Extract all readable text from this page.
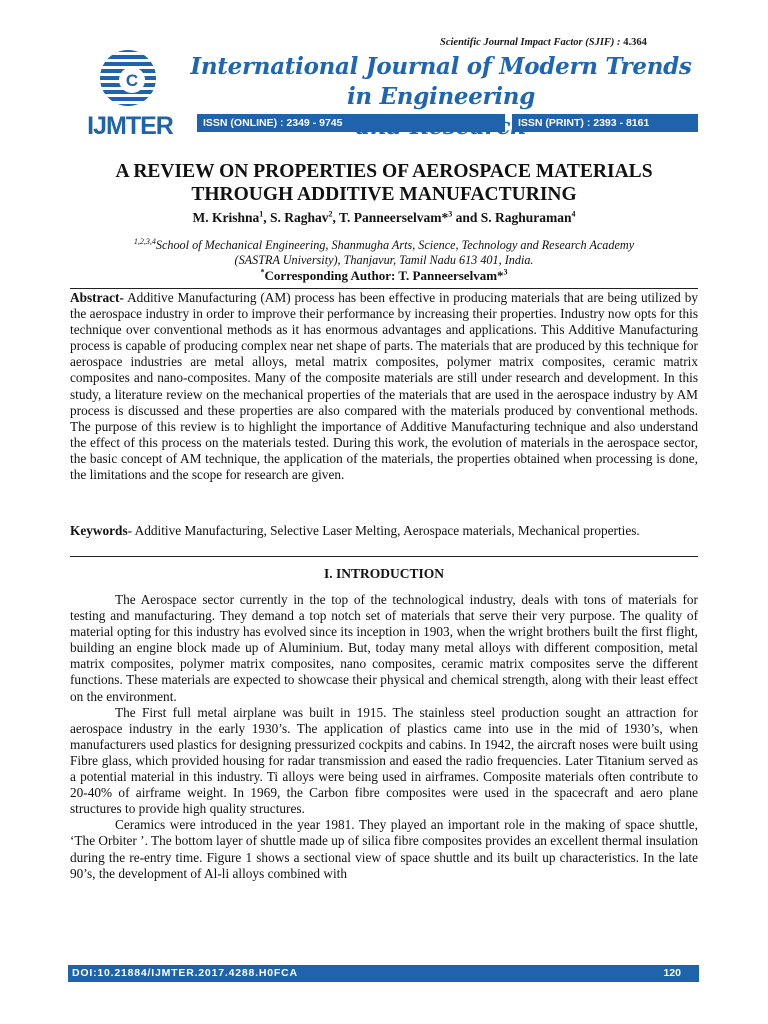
Scientific Journal Impact Factor (SJIF) : 4.364
C
IJMTER
International Journal of Modern Trends in Engineering
ISSN (ONLINE) : 2349 - 9745	ISSN (PRINT) : 2393 - 8161
A REVIEW ON PROPERTIES OF AEROSPACE MATERIALS
THROUGH ADDITIVE MANUFACTURING
M. Krishna$^1$, S. Raghav$^2$, T. Panneerselvam*$^3$ and S. Raghuraman$^4$
$^{1,2,3,4}$School of Mechanical Engineering, Shanmugha Arts, Science, Technology and Research Academy
(SASTRA University), Thanjavur, Tamil Nadu 613 401, India.
*Corresponding Author: T. Panneerselvam*$^3$
Abstract- Additive Manufacturing (AM) process has been effective in producing materials that are being utilized by the aerospace industry in order to improve their performance by increasing their properties. Industry now opts for this technique over conventional methods as it has enormous advantages and applications. This Additive Manufacturing process is capable of producing complex near net shape of parts. The materials that are produced by this technique for aerospace industries are metal alloys, metal matrix composites, polymer matrix composites, ceramic matrix composites and nano-composites. Many of the composite materials are still under research and development. In this study, a literature review on the mechanical properties of the materials that are used in the aerospace industry by AM process is discussed and these properties are also compared with the materials produced by conventional methods. The purpose of this review is to highlight the importance of Additive Manufacturing technique and also understand the effect of this process on the materials tested. During this work, the evolution of materials in the aerospace sector, the basic concept of AM technique, the application of the materials, the properties obtained when processing is done, the limitations and the scope for research are given.
Keywords- Additive Manufacturing, Selective Laser Melting, Aerospace materials, Mechanical properties.
I. INTRODUCTION

The Aerospace sector currently in the top of the technological industry, deals with tons of materials for testing and manufacturing. They demand a top notch set of materials that serve their very purpose. The quality of material opting for this industry has evolved since its inception in 1903, when the wright brothers built the first flight, building an engine block made up of Aluminium. But, today many metal alloys with different composition, metal matrix composites, polymer matrix composites, nano composites, ceramic matrix composites serve the different functions. These materials are expected to showcase their physical and chemical strength, along with their least effect on the environment.

The First full metal airplane was built in 1915. The stainless steel production sought an attraction for aerospace industry in the early 1930’s. The application of plastics came into use in the mid of 1930’s, when manufacturers used plastics for designing pressurized cockpits and cabins. In 1942, the aircraft noses were built using Fibre glass, which provided housing for radar transmission and eased the radio frequencies. Later Titanium served as a potential material in this industry. Ti alloys were being used in airframes. Composite materials often contribute to 20-40% of airframe weight. In 1969, the Carbon fibre composites were used in the spacecraft and aero plane structures to provide high quality structures.

Ceramics were introduced in the year 1981. They played an important role in the making of space shuttle, ‘The Orbiter ’. The bottom layer of shuttle made up of silica fibre composites provides an excellent thermal insulation during the re-entry time. Figure 1 shows a sectional view of space shuttle and its built up characteristics. In the late 90’s, the development of Al-li alloys combined with

DOI:10.21884/IJMTER.2017.4288.H0FCA	120
